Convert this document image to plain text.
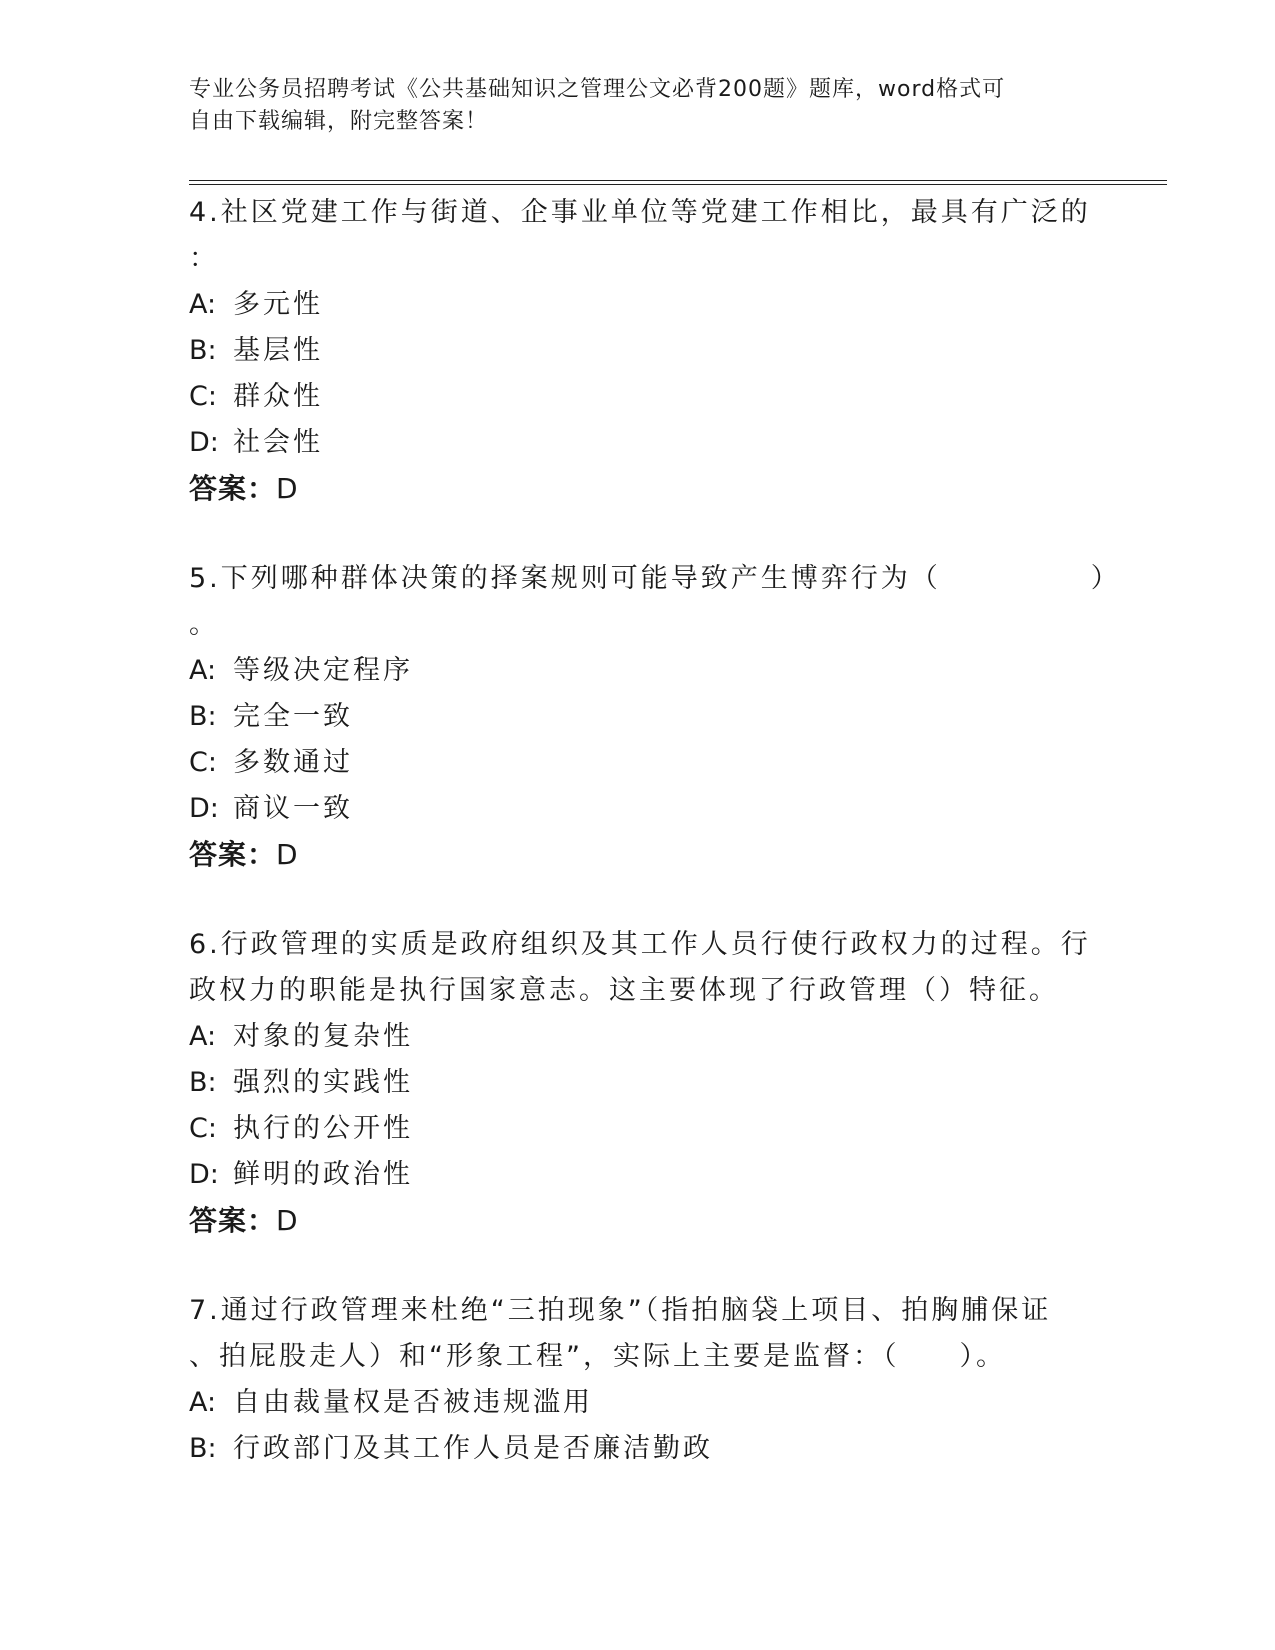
专业公务员招聘考试《公共基础知识之管理公文必背200题》题库，word格式可
自由下载编辑，附完整答案！
4.社区党建工作与街道、企事业单位等党建工作相比，最具有广泛的
：
A: 多元性
B: 基层性
C: 群众性
D: 社会性
答案：D
5.下列哪种群体决策的择案规则可能导致产生博弈行为（　　　　　）
。
A: 等级决定程序
B: 完全一致
C: 多数通过
D: 商议一致
答案：D
6.行政管理的实质是政府组织及其工作人员行使行政权力的过程。行
政权力的职能是执行国家意志。这主要体现了行政管理（）特征。
A: 对象的复杂性
B: 强烈的实践性
C: 执行的公开性
D: 鲜明的政治性
答案：D
7.通过行政管理来杜绝“三拍现象”（指拍脑袋上项目、拍胸脯保证
、拍屁股走人）和“形象工程”，实际上主要是监督：（　　）。
A: 自由裁量权是否被违规滥用
B: 行政部门及其工作人员是否廉洁勤政
